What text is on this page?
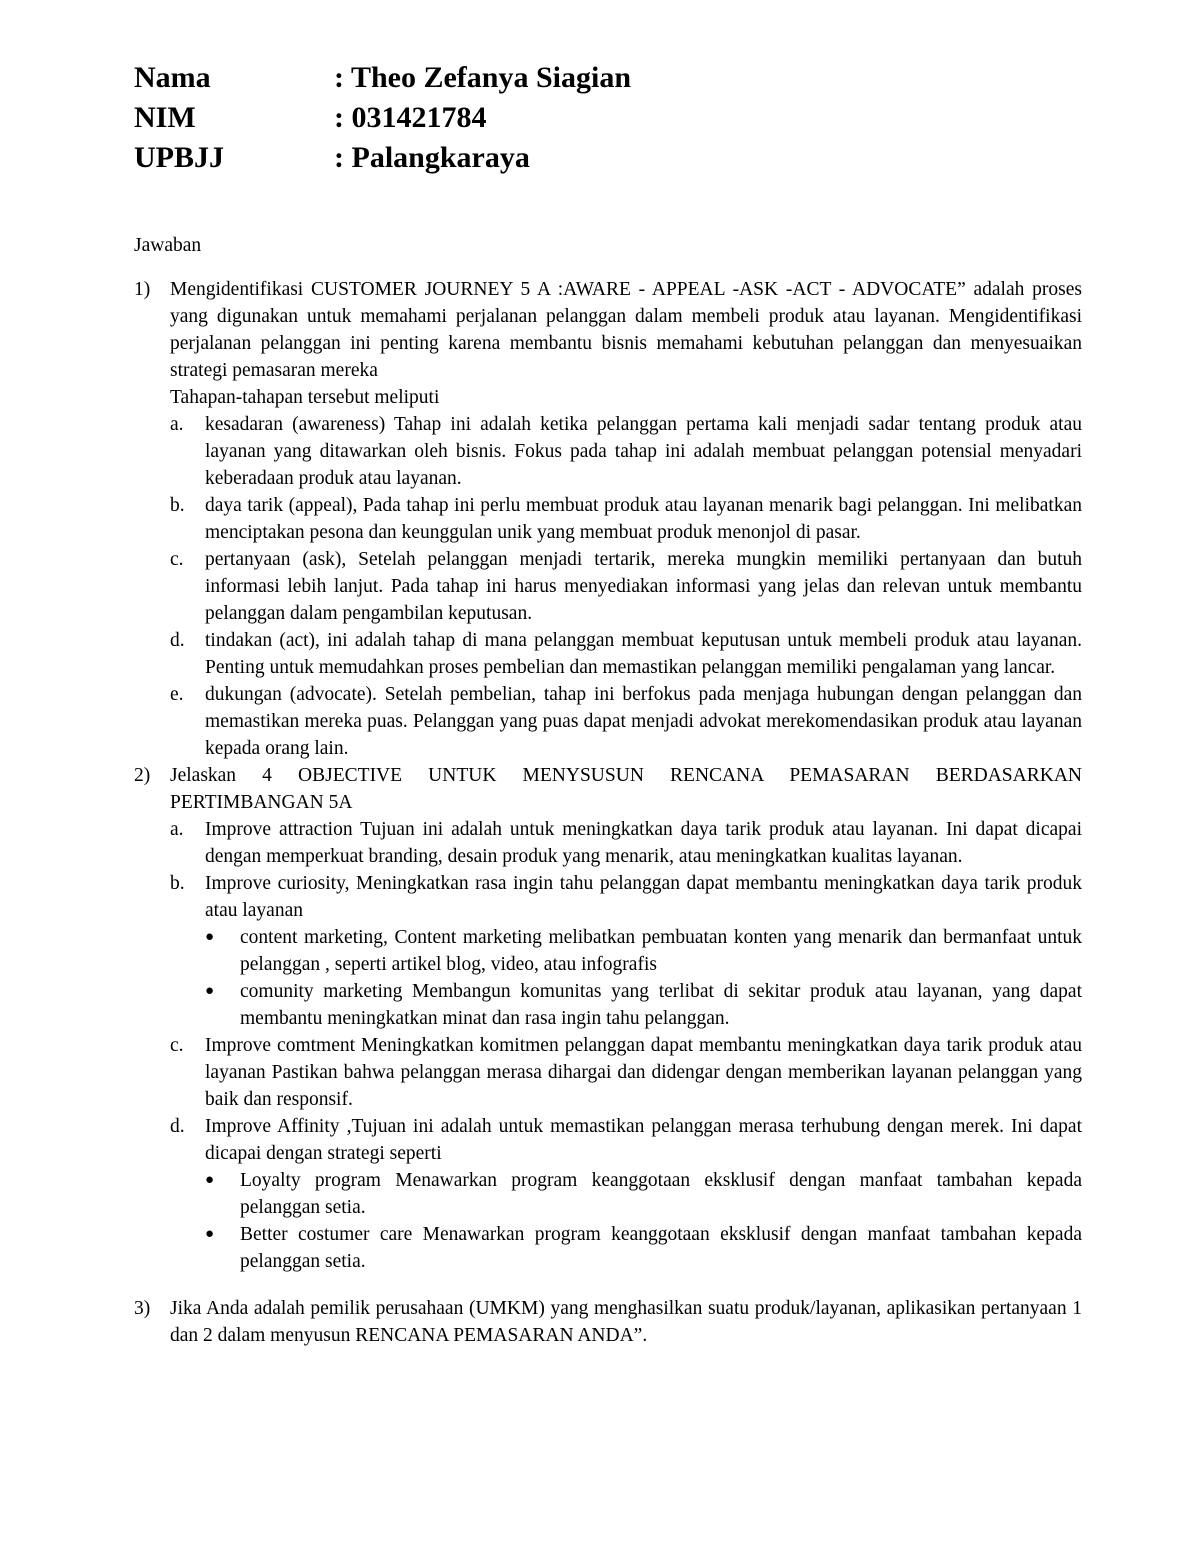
Nama	: Theo Zefanya Siagian
NIM	: 031421784
UPBJJ	: Palangkaraya
Jawaban
1) Mengidentifikasi CUSTOMER JOURNEY 5 A :AWARE - APPEAL -ASK -ACT - ADVOCATE” adalah proses yang digunakan untuk memahami perjalanan pelanggan dalam membeli produk atau layanan. Mengidentifikasi perjalanan pelanggan ini penting karena membantu bisnis memahami kebutuhan pelanggan dan menyesuaikan strategi pemasaran mereka
Tahapan-tahapan tersebut meliputi
a. kesadaran (awareness) Tahap ini adalah ketika pelanggan pertama kali menjadi sadar tentang produk atau layanan yang ditawarkan oleh bisnis. Fokus pada tahap ini adalah membuat pelanggan potensial menyadari keberadaan produk atau layanan.
b. daya tarik (appeal), Pada tahap ini perlu membuat produk atau layanan menarik bagi pelanggan. Ini melibatkan menciptakan pesona dan keunggulan unik yang membuat produk menonjol di pasar.
c. pertanyaan (ask), Setelah pelanggan menjadi tertarik, mereka mungkin memiliki pertanyaan dan butuh informasi lebih lanjut. Pada tahap ini harus menyediakan informasi yang jelas dan relevan untuk membantu pelanggan dalam pengambilan keputusan.
d. tindakan (act), ini adalah tahap di mana pelanggan membuat keputusan untuk membeli produk atau layanan. Penting untuk memudahkan proses pembelian dan memastikan pelanggan memiliki pengalaman yang lancar.
e. dukungan (advocate). Setelah pembelian, tahap ini berfokus pada menjaga hubungan dengan pelanggan dan memastikan mereka puas. Pelanggan yang puas dapat menjadi advokat merekomendasikan produk atau layanan kepada orang lain.
2) Jelaskan 4 OBJECTIVE UNTUK MENYSUSUN RENCANA PEMASARAN BERDASARKAN PERTIMBANGAN 5A
a. Improve attraction Tujuan ini adalah untuk meningkatkan daya tarik produk atau layanan. Ini dapat dicapai dengan memperkuat branding, desain produk yang menarik, atau meningkatkan kualitas layanan.
b. Improve curiosity, Meningkatkan rasa ingin tahu pelanggan dapat membantu meningkatkan daya tarik produk atau layanan
● content marketing, Content marketing melibatkan pembuatan konten yang menarik dan bermanfaat untuk pelanggan , seperti artikel blog, video, atau infografis
● comunity marketing Membangun komunitas yang terlibat di sekitar produk atau layanan, yang dapat membantu meningkatkan minat dan rasa ingin tahu pelanggan.
c. Improve comtment Meningkatkan komitmen pelanggan dapat membantu meningkatkan daya tarik produk atau layanan Pastikan bahwa pelanggan merasa dihargai dan didengar dengan memberikan layanan pelanggan yang baik dan responsif.
d. Improve Affinity ,Tujuan ini adalah untuk memastikan pelanggan merasa terhubung dengan merek. Ini dapat dicapai dengan strategi seperti
● Loyalty program Menawarkan program keanggotaan eksklusif dengan manfaat tambahan kepada pelanggan setia.
● Better costumer care Menawarkan program keanggotaan eksklusif dengan manfaat tambahan kepada pelanggan setia.
3) Jika Anda adalah pemilik perusahaan (UMKM) yang menghasilkan suatu produk/layanan, aplikasikan pertanyaan 1 dan 2 dalam menyusun RENCANA PEMASARAN ANDA”.
